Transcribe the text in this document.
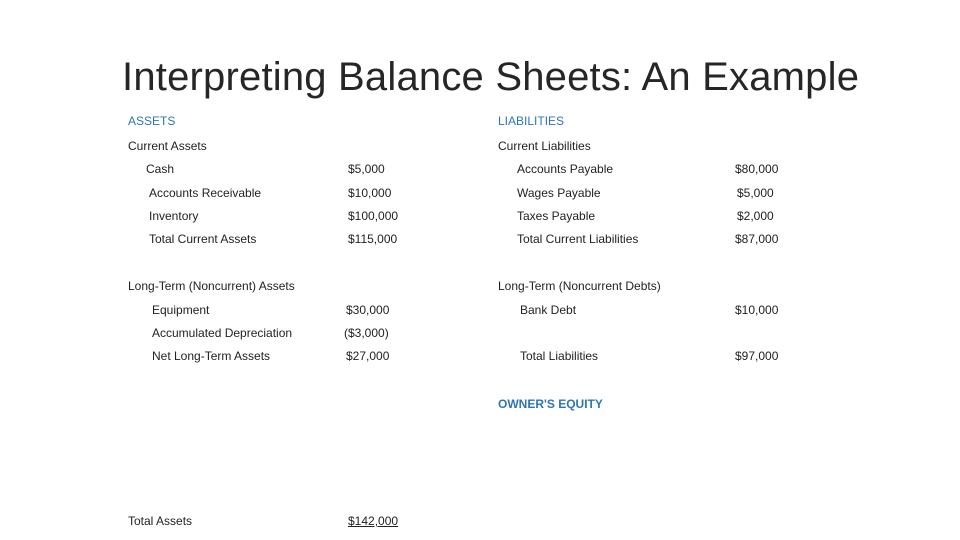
Interpreting Balance Sheets: An Example
ASSETS
Current Assets
Cash	$5,000
Accounts Receivable	$10,000
Inventory	$100,000
Total Current Assets	$115,000
Long-Term (Noncurrent) Assets
Equipment	$30,000
Accumulated Depreciation	($3,000)
Net Long-Term Assets	$27,000
Total Assets	$142,000
LIABILITIES
Current Liabilities
Accounts Payable	$80,000
Wages Payable	$5,000
Taxes Payable	$2,000
Total Current Liabilities	$87,000
Long-Term (Noncurrent Debts)
Bank Debt	$10,000
Total Liabilities	$97,000
OWNER'S EQUITY
